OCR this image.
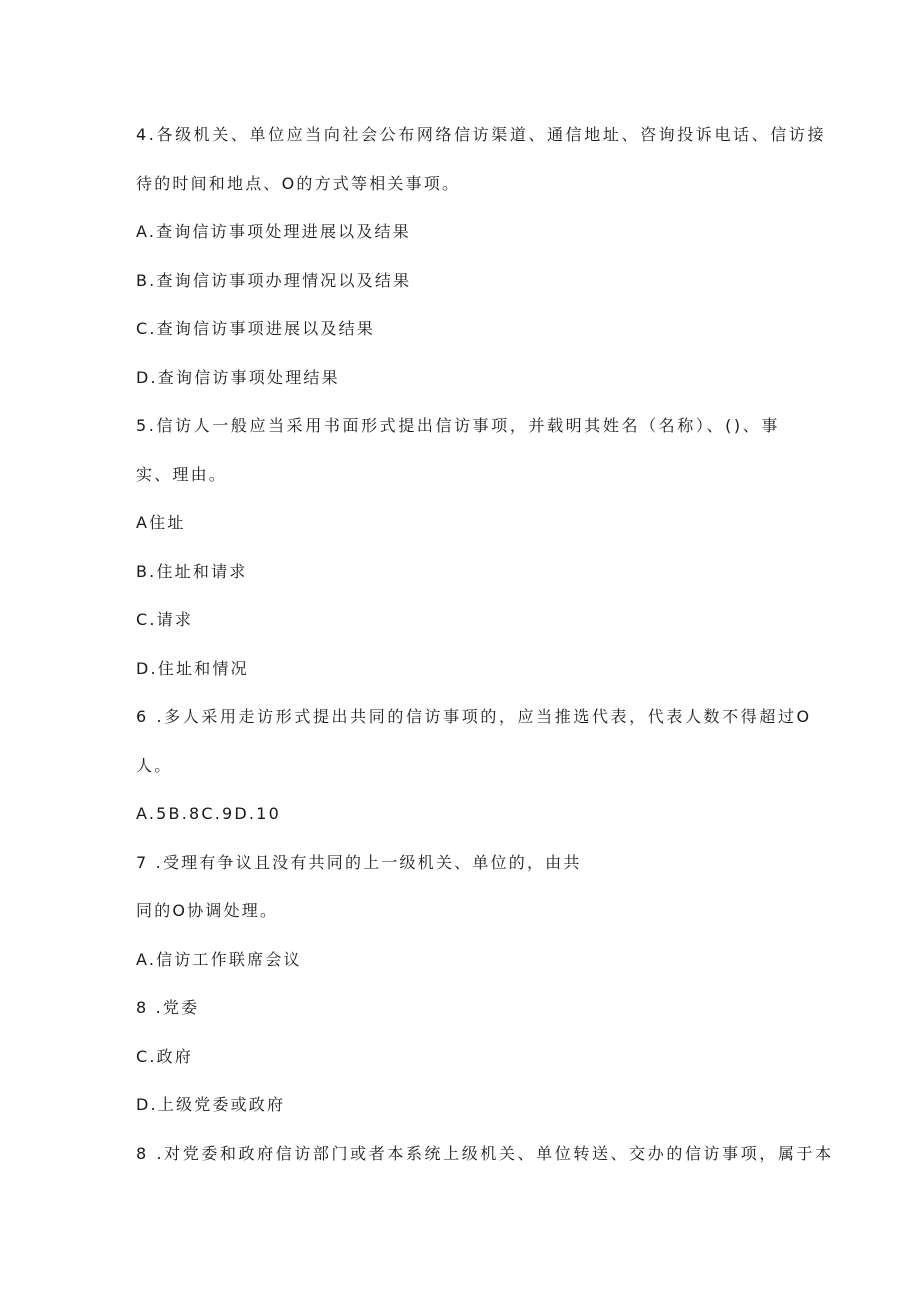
4.各级机关、单位应当向社会公布网络信访渠道、通信地址、咨询投诉电话、信访接
待的时间和地点、O的方式等相关事项。
A.查询信访事项处理进展以及结果
B.查询信访事项办理情况以及结果
C.查询信访事项进展以及结果
D.查询信访事项处理结果
5.信访人一般应当采用书面形式提出信访事项，并载明其姓名（名称）、()、事
实、理由。
A住址
B.住址和请求
C.请求
D.住址和情况
6 .多人采用走访形式提出共同的信访事项的，应当推选代表，代表人数不得超过O
人。
A.5B.8C.9D.10
7 .受理有争议且没有共同的上一级机关、单位的，由共
同的O协调处理。
A.信访工作联席会议
8 .党委
C.政府
D.上级党委或政府
8 .对党委和政府信访部门或者本系统上级机关、单位转送、交办的信访事项，属于本
